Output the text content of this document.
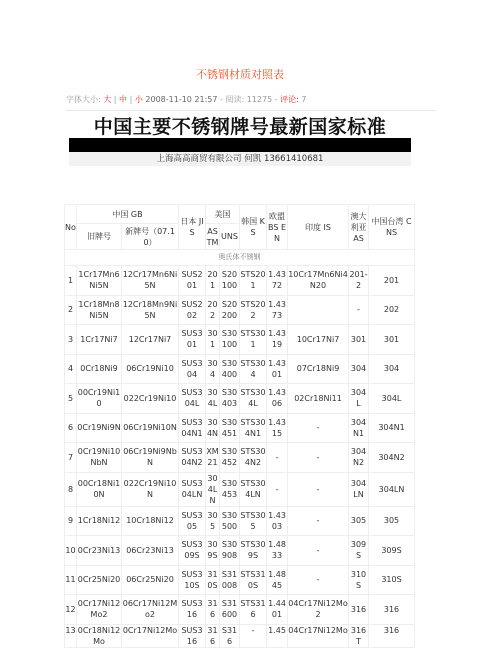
不锈钢材质对照表
字体大小: 大 | 中 | 小 2008-11-10 21:57 - 阅读: 11275 - 评论: 7
中国主要不锈钢牌号最新国家标准
上海高高商贸有限公司 何凯 13661410681
No	中国 GB		日本 JIS	美国		韩国 KS	欧盟 BS EN	印度 IS	澳大利亚 AS	中国台湾 CNS
	旧牌号	新牌号（07.10）		ASTM	UNS					
奥氏体不锈钢										
1	1Cr17Mn6Ni5N	12Cr17Mn6Ni5N	SUS201	201	S20100	STS201	1.4372	10Cr17Mn6Ni4N20	201-2	201
2	1Cr18Mn8Ni5N	12Cr18Mn9Ni5N	SUS202	202	S20200	STS202	1.4373		-	202
3	1Cr17Ni7	12Cr17Ni7	SUS301	301	S30100	STS301	1.4319	10Cr17Ni7	301	301
4	0Cr18Ni9	06Cr19Ni10	SUS304	304	S30400	STS304	1.4301	07Cr18Ni9	304	304
5	00Cr19Ni10	022Cr19Ni10	SUS304L	304L	S30403	STS304L	1.4306	02Cr18Ni11	304L	304L
6	0Cr19Ni9N	06Cr19Ni10N	SUS304N1	304N	S30451	STS304N1	1.4315	-	304N1	304N1
7	0Cr19Ni10NbN	06Cr19Ni9NbN	SUS304N2	XM21	S30452	STS304N2	-	-	304N2	304N2
8	00Cr18Ni10N	022Cr19Ni10N	SUS304LN	304LN	S30453	STS304LN	-	-	304LN	304LN
9	1Cr18Ni12	10Cr18Ni12	SUS305	305	S30500	STS305	1.4303	-	305	305
10	0Cr23Ni13	06Cr23Ni13	SUS309S	309S	S30908	STS309S	1.4833	-	309S	309S
11	0Cr25Ni20	06Cr25Ni20	SUS310S	310S	S31008	STS310S	1.4845	-	310S	310S
12	0Cr17Ni12Mo2	06Cr17Ni12Mo2	SUS316	316	S31600	STS316	1.4401	04Cr17Ni12Mo2	316	316
13	0Cr18Ni12Mo	0Cr17Ni12Mo	SUS316	316	S316	-	1.45	04Cr17Ni12Mo	316T	316
